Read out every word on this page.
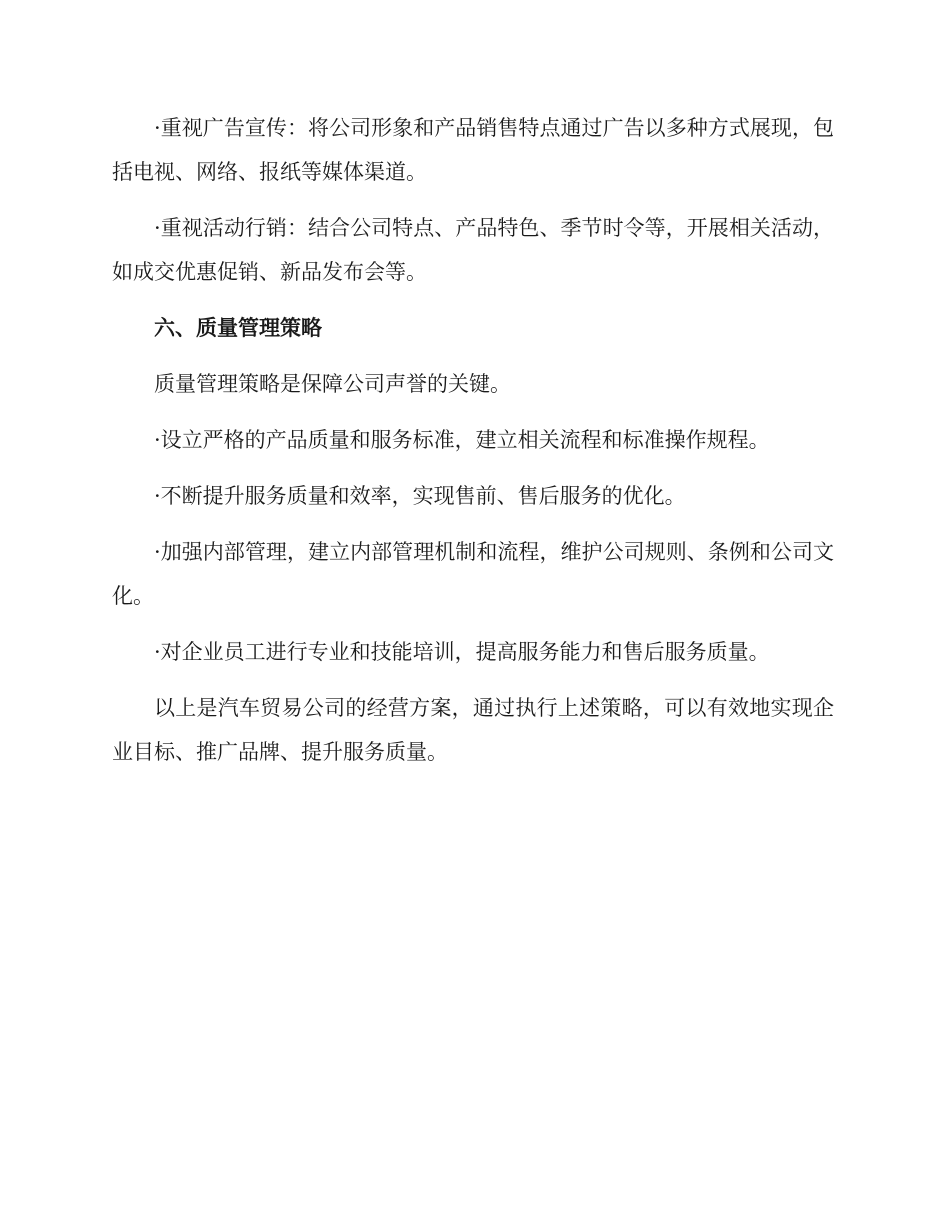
·重视广告宣传：将公司形象和产品销售特点通过广告以多种方式展现，包括电视、网络、报纸等媒体渠道。

·重视活动行销：结合公司特点、产品特色、季节时令等，开展相关活动，如成交优惠促销、新品发布会等。

六、质量管理策略

质量管理策略是保障公司声誉的关键。

·设立严格的产品质量和服务标准，建立相关流程和标准操作规程。

·不断提升服务质量和效率，实现售前、售后服务的优化。

·加强内部管理，建立内部管理机制和流程，维护公司规则、条例和公司文化。

·对企业员工进行专业和技能培训，提高服务能力和售后服务质量。

以上是汽车贸易公司的经营方案，通过执行上述策略，可以有效地实现企业目标、推广品牌、提升服务质量。
